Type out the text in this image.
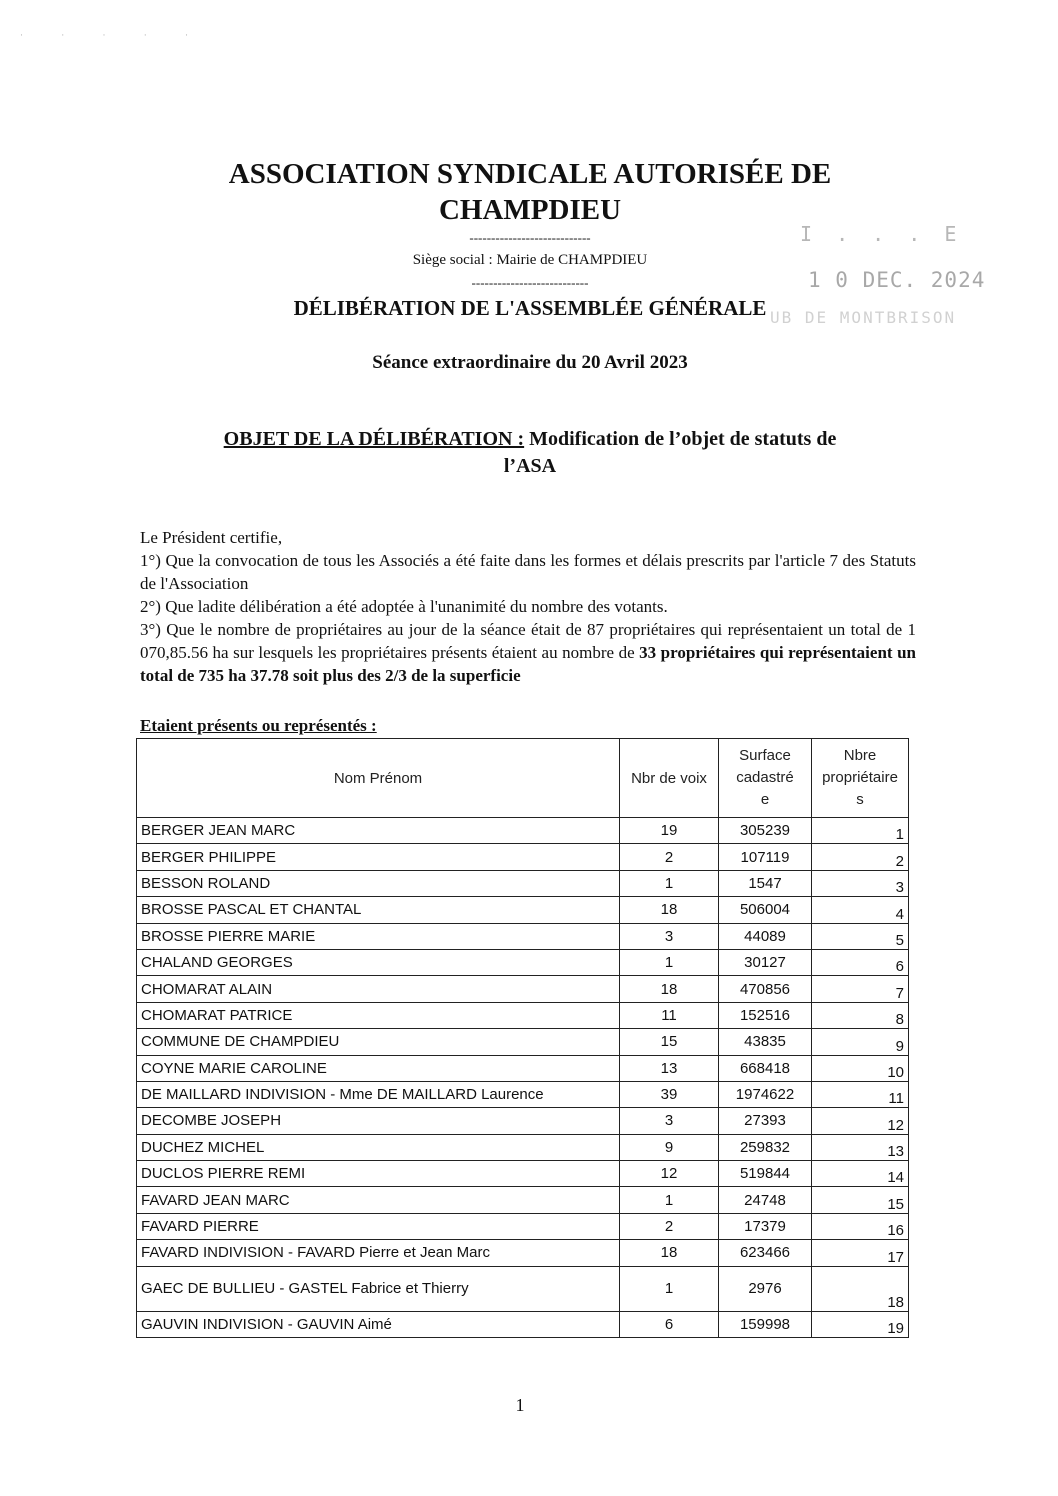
· · · · ·
ASSOCIATION SYNDICALE AUTORISÉE DE
CHAMPDIEU
----------------------------
Siège social : Mairie de CHAMPDIEU
---------------------------
DÉLIBÉRATION DE L'ASSEMBLÉE GÉNÉRALE
I . . . E
1 0 DEC. 2024
UB DE MONTBRISON
Séance extraordinaire du 20 Avril 2023
OBJET DE LA DÉLIBÉRATION : Modification de l’objet de statuts de
l’ASA

Le Président certifie,

1°) Que la convocation de tous les Associés a été faite dans les formes et délais prescrits par l'article 7 des Statuts de l'Association

2°) Que ladite délibération a été adoptée à l'unanimité du nombre des votants.

3°) Que le nombre de propriétaires au jour de la séance était de 87 propriétaires qui représentaient un total de 1 070,85.56 ha sur lesquels les propriétaires présents étaient au nombre de 33 propriétaires qui représentaient un total de 735 ha 37.78 soit plus des 2/3 de la superficie

Etaient présents ou représentés :
Nom Prénom	Nbr de voix	Surface
cadastré
e	Nbre
propriétaire
s
BERGER JEAN MARC	19	305239	1
BERGER PHILIPPE	2	107119	2
BESSON ROLAND	1	1547	3
BROSSE PASCAL ET CHANTAL	18	506004	4
BROSSE PIERRE MARIE	3	44089	5
CHALAND GEORGES	1	30127	6
CHOMARAT ALAIN	18	470856	7
CHOMARAT PATRICE	11	152516	8
COMMUNE DE CHAMPDIEU	15	43835	9
COYNE MARIE CAROLINE	13	668418	10
DE MAILLARD INDIVISION - Mme DE MAILLARD Laurence	39	1974622	11
DECOMBE JOSEPH	3	27393	12
DUCHEZ MICHEL	9	259832	13
DUCLOS PIERRE REMI	12	519844	14
FAVARD JEAN MARC	1	24748	15
FAVARD PIERRE	2	17379	16
FAVARD INDIVISION - FAVARD Pierre et Jean Marc	18	623466	17
GAEC DE BULLIEU - GASTEL Fabrice et Thierry	1	2976	18
GAUVIN INDIVISION - GAUVIN Aimé	6	159998	19
1
